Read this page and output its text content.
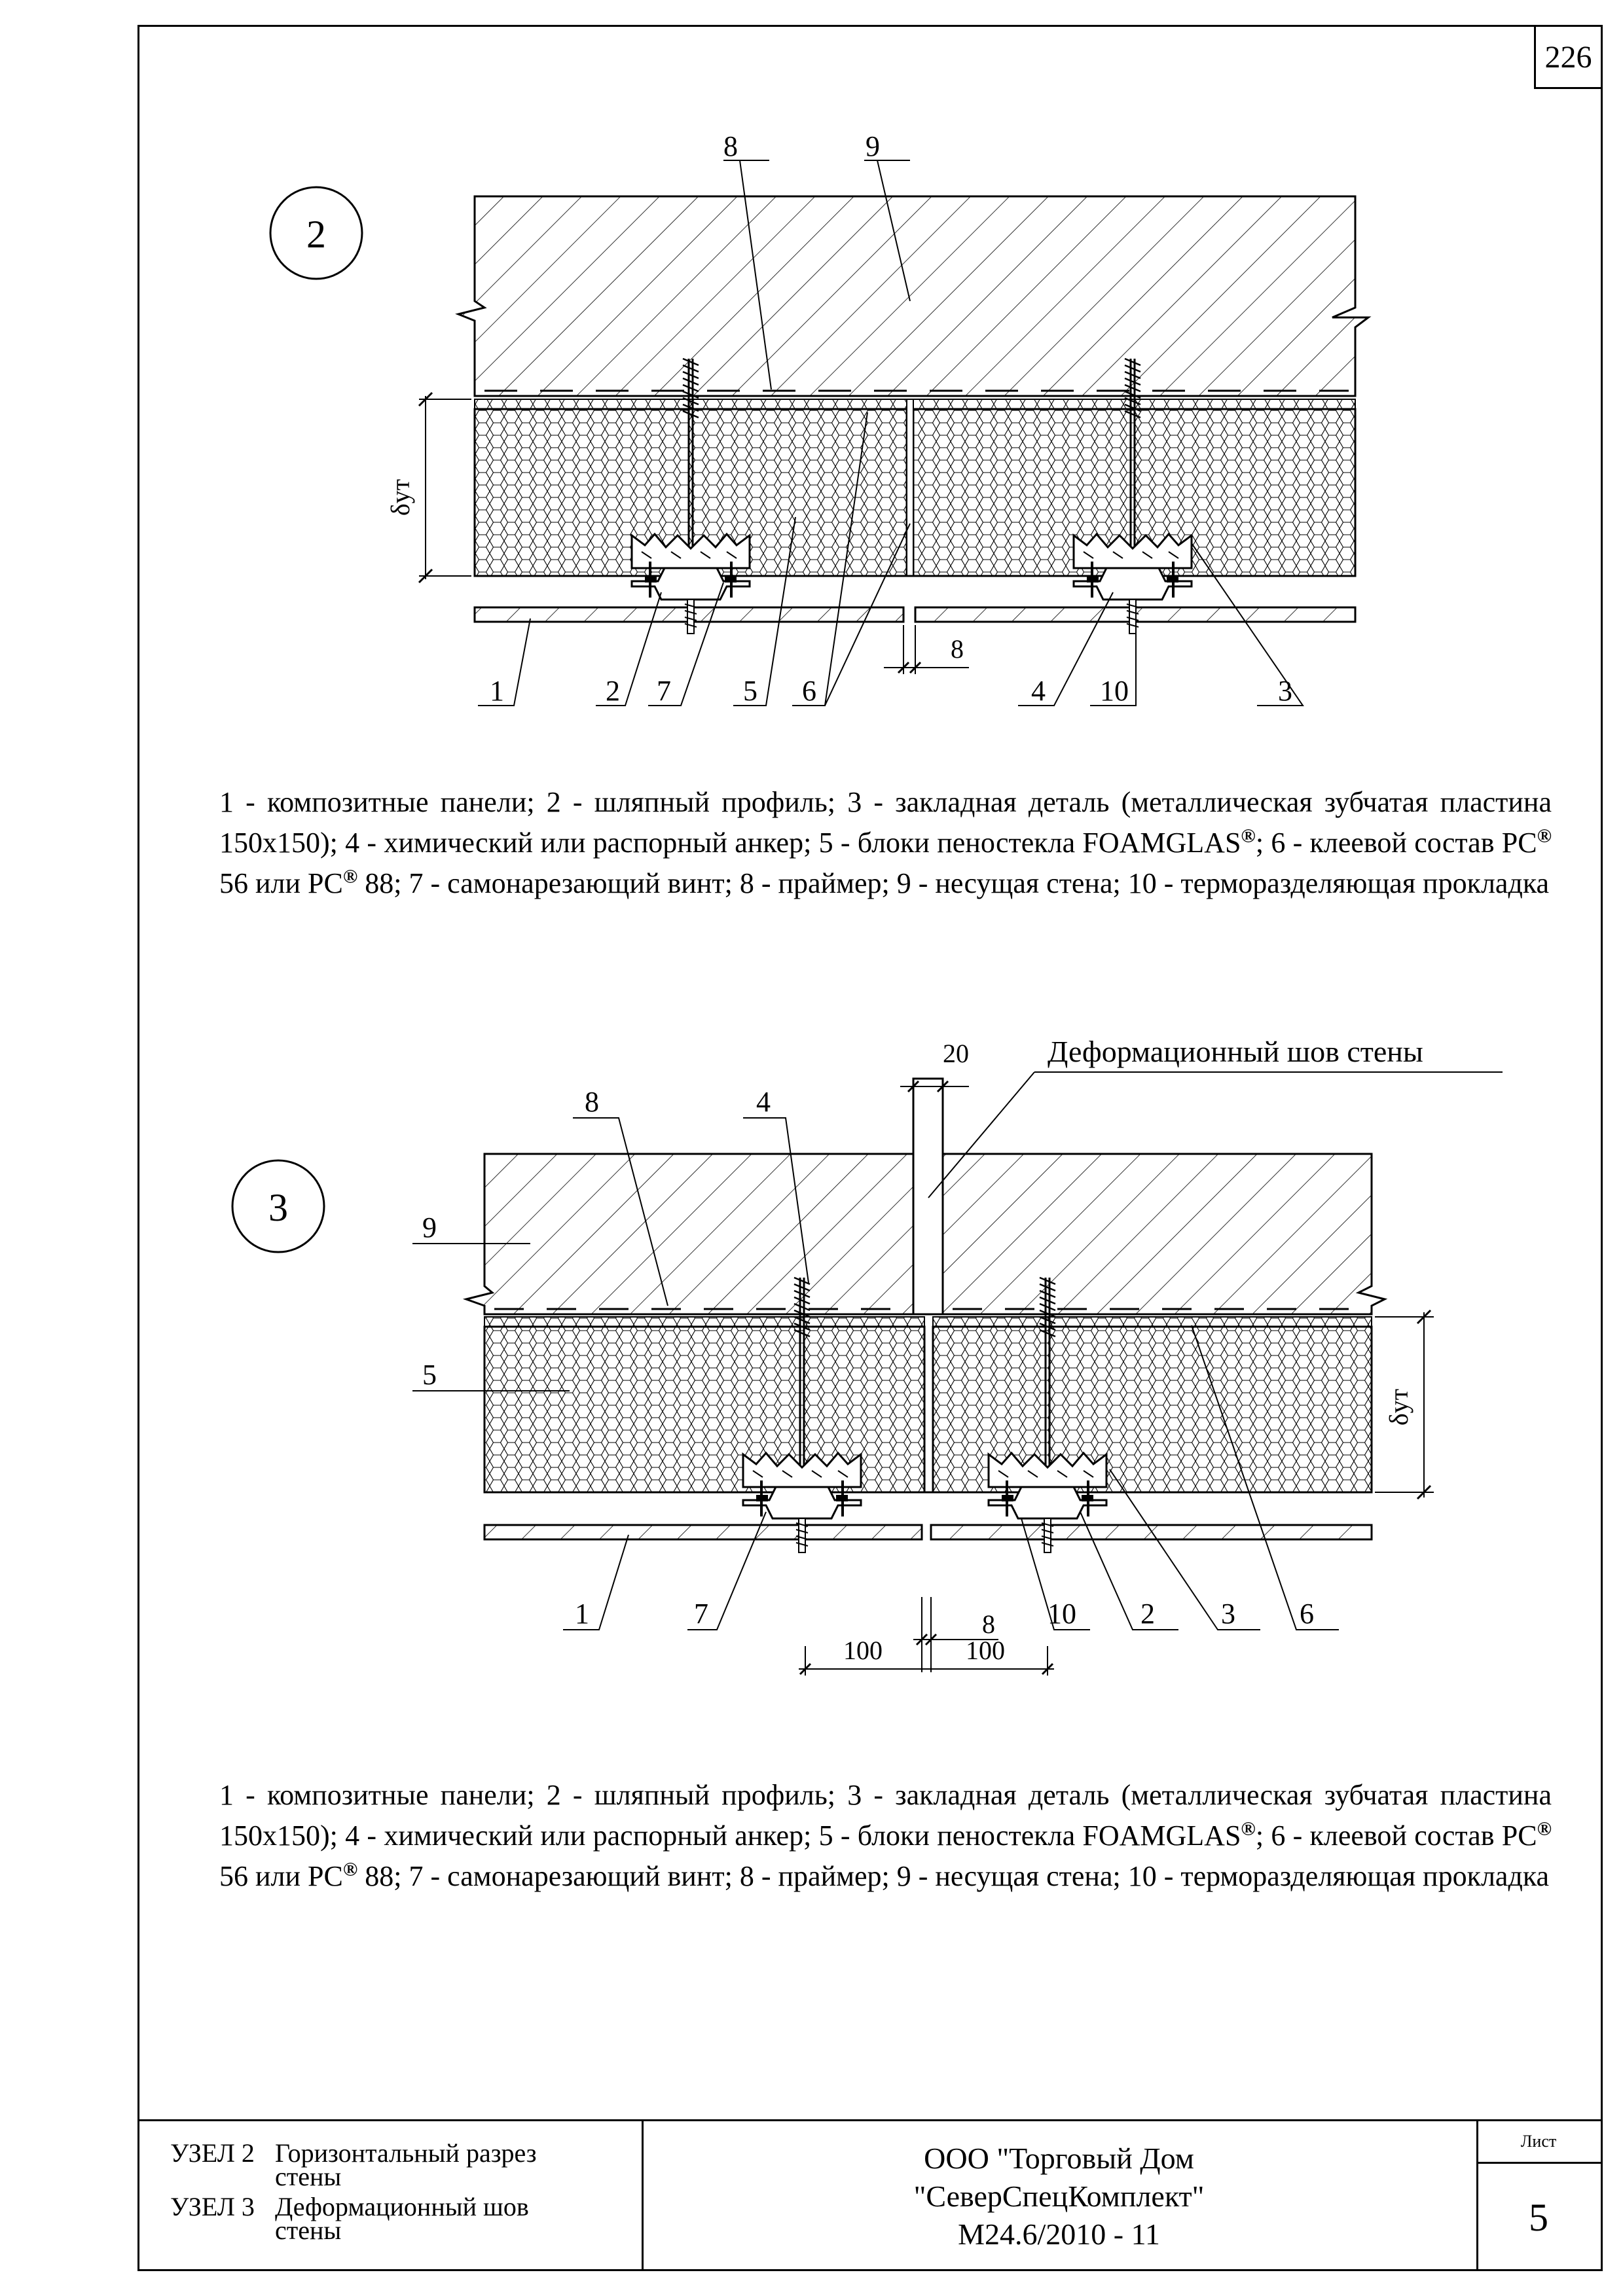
226
2
δут
8
8	9
1	2 7	5 6	4 10	3
3
δут
20	Деформационный шов стены
8
100	100
8	4
9
5
1	7	10 2 3 6

1 - композитные панели; 2 - шляпный профиль; 3 - закладная деталь (металлическая зубчатая пластина 150х150); 4 - химический или распорный анкер; 5 - блоки пеностекла FOAMGLAS®; 6 - клеевой состав PC® 56 или PC® 88; 7 - самонарезающий винт; 8 - праймер; 9 - несущая стена; 10 - терморазделяющая прокладка

1 - композитные панели; 2 - шляпный профиль; 3 - закладная деталь (металлическая зубчатая пластина 150х150); 4 - химический или распорный анкер; 5 - блоки пеностекла FOAMGLAS®; 6 - клеевой состав PC® 56 или PC® 88; 7 - самонарезающий винт; 8 - праймер; 9 - несущая стена; 10 - терморазделяющая прокладка

УЗЕЛ 2 Горизонтальный разрез
стены
УЗЕЛ 3 Деформационный шов
стены
ООО "Торговый Дом
"СеверСпецКомплект"
М24.6/2010 - 11
Лист
5
